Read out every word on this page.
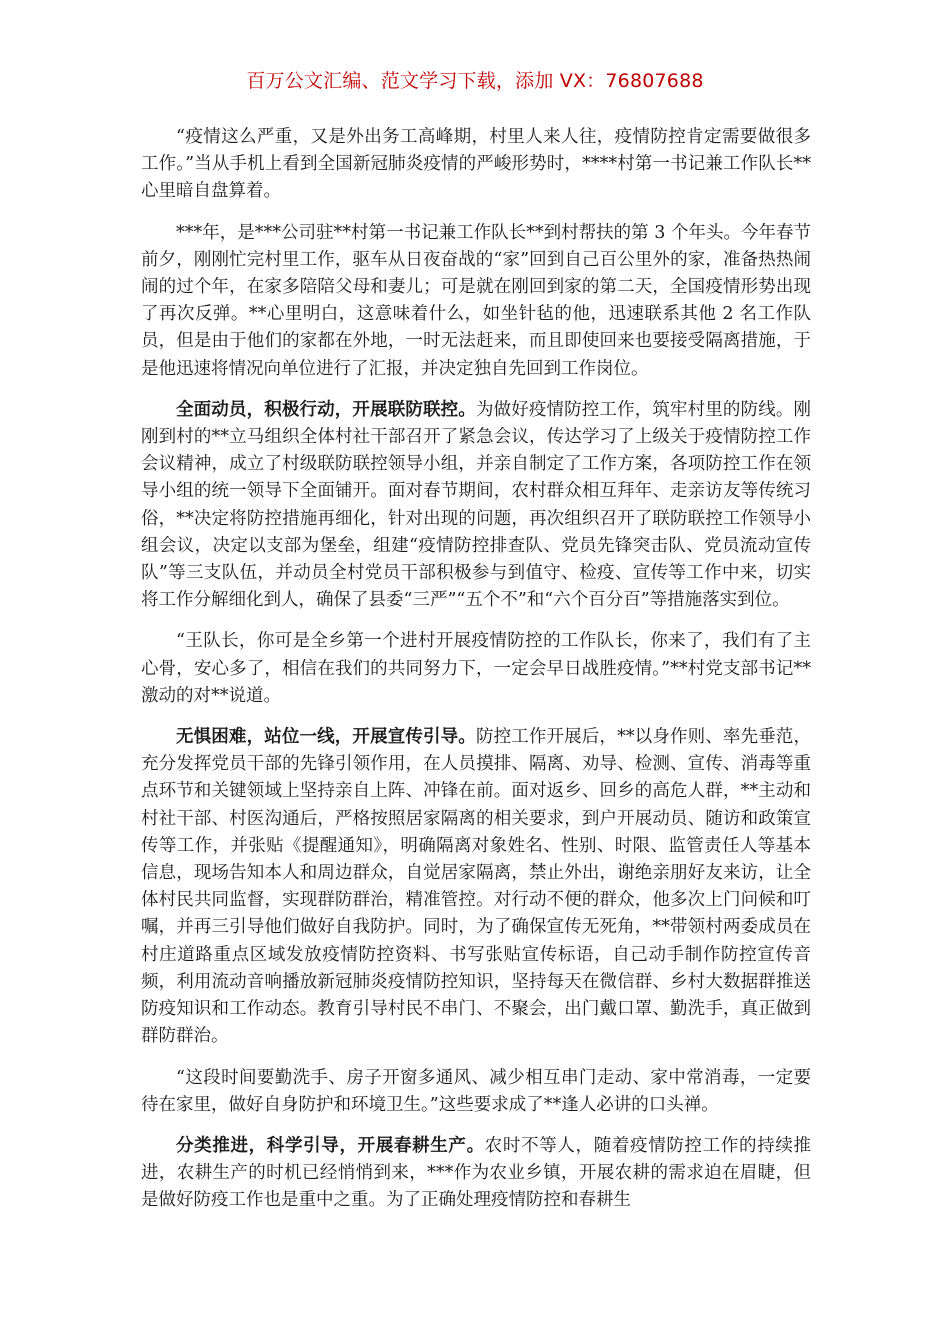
百万公文汇编、范文学习下载，添加 VX：76807688

“疫情这么严重，又是外出务工高峰期，村里人来人往，疫情防控肯定需要做很多工作。”当从手机上看到全国新冠肺炎疫情的严峻形势时，****村第一书记兼工作队长**心里暗自盘算着。

***年，是***公司驻**村第一书记兼工作队长**到村帮扶的第 3 个年头。今年春节前夕，刚刚忙完村里工作，驱车从日夜奋战的“家”回到自己百公里外的家，准备热热闹闹的过个年，在家多陪陪父母和妻儿；可是就在刚回到家的第二天，全国疫情形势出现了再次反弹。**心里明白，这意味着什么，如坐针毡的他，迅速联系其他 2 名工作队员，但是由于他们的家都在外地，一时无法赶来，而且即使回来也要接受隔离措施，于是他迅速将情况向单位进行了汇报，并决定独自先回到工作岗位。

全面动员，积极行动，开展联防联控。为做好疫情防控工作，筑牢村里的防线。刚刚到村的**立马组织全体村社干部召开了紧急会议，传达学习了上级关于疫情防控工作会议精神，成立了村级联防联控领导小组，并亲自制定了工作方案，各项防控工作在领导小组的统一领导下全面铺开。面对春节期间，农村群众相互拜年、走亲访友等传统习俗，**决定将防控措施再细化，针对出现的问题，再次组织召开了联防联控工作领导小组会议，决定以支部为堡垒，组建“疫情防控排查队、党员先锋突击队、党员流动宣传队”等三支队伍，并动员全村党员干部积极参与到值守、检疫、宣传等工作中来，切实将工作分解细化到人，确保了县委“三严”“五个不”和“六个百分百”等措施落实到位。

“王队长，你可是全乡第一个进村开展疫情防控的工作队长，你来了，我们有了主心骨，安心多了，相信在我们的共同努力下，一定会早日战胜疫情。”**村党支部书记**激动的对**说道。

无惧困难，站位一线，开展宣传引导。防控工作开展后，**以身作则、率先垂范，充分发挥党员干部的先锋引领作用，在人员摸排、隔离、劝导、检测、宣传、消毒等重点环节和关键领域上坚持亲自上阵、冲锋在前。面对返乡、回乡的高危人群，**主动和村社干部、村医沟通后，严格按照居家隔离的相关要求，到户开展动员、随访和政策宣传等工作，并张贴《提醒通知》，明确隔离对象姓名、性别、时限、监管责任人等基本信息，现场告知本人和周边群众，自觉居家隔离，禁止外出，谢绝亲朋好友来访，让全体村民共同监督，实现群防群治，精准管控。对行动不便的群众，他多次上门问候和叮嘱，并再三引导他们做好自我防护。同时，为了确保宣传无死角，**带领村两委成员在村庄道路重点区域发放疫情防控资料、书写张贴宣传标语，自己动手制作防控宣传音频，利用流动音响播放新冠肺炎疫情防控知识，坚持每天在微信群、乡村大数据群推送防疫知识和工作动态。教育引导村民不串门、不聚会，出门戴口罩、勤洗手，真正做到群防群治。

“这段时间要勤洗手、房子开窗多通风、减少相互串门走动、家中常消毒，一定要待在家里，做好自身防护和环境卫生。”这些要求成了**逢人必讲的口头禅。

分类推进，科学引导，开展春耕生产。农时不等人，随着疫情防控工作的持续推进，农耕生产的时机已经悄悄到来，***作为农业乡镇，开展农耕的需求迫在眉睫，但是做好防疫工作也是重中之重。为了正确处理疫情防控和春耕生
